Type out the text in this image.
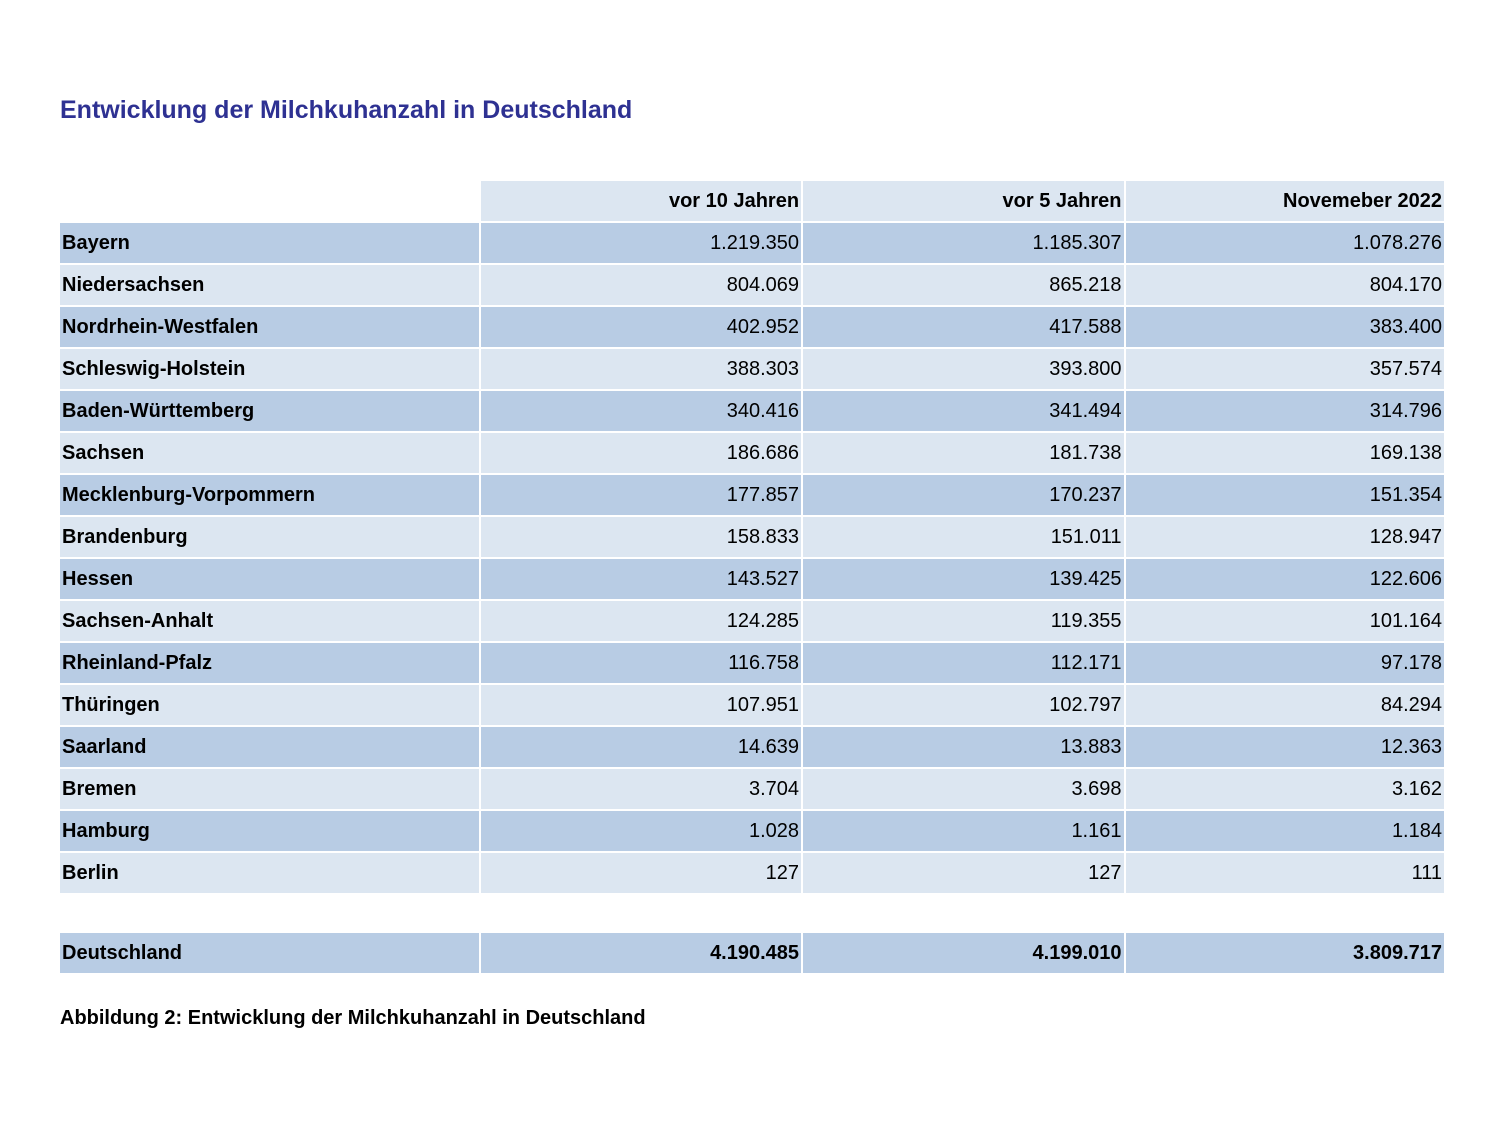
Entwicklung der Milchkuhanzahl in Deutschland
	vor 10 Jahren	vor 5 Jahren	Novemeber 2022
Bayern	1.219.350	1.185.307	1.078.276
Niedersachsen	804.069	865.218	804.170
Nordrhein-Westfalen	402.952	417.588	383.400
Schleswig-Holstein	388.303	393.800	357.574
Baden-Württemberg	340.416	341.494	314.796
Sachsen	186.686	181.738	169.138
Mecklenburg-Vorpommern	177.857	170.237	151.354
Brandenburg	158.833	151.011	128.947
Hessen	143.527	139.425	122.606
Sachsen-Anhalt	124.285	119.355	101.164
Rheinland-Pfalz	116.758	112.171	97.178
Thüringen	107.951	102.797	84.294
Saarland	14.639	13.883	12.363
Bremen	3.704	3.698	3.162
Hamburg	1.028	1.161	1.184
Berlin	127	127	111

Deutschland	4.190.485	4.199.010	3.809.717
Abbildung 2: Entwicklung der Milchkuhanzahl in Deutschland
